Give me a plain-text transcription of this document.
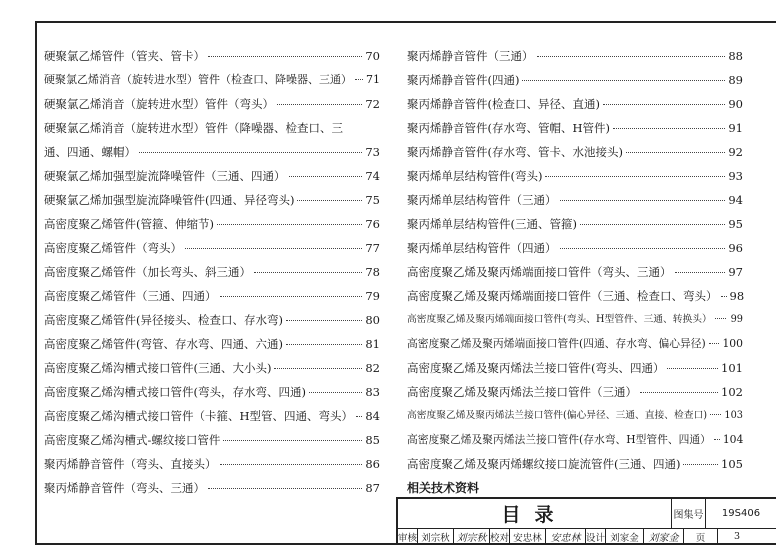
硬聚氯乙烯管件（管夹、管卡）	70
硬聚氯乙烯消音（旋转进水型）管件（检查口、降噪器、三通） 71
硬聚氯乙烯消音（旋转进水型）管件（弯头）	72
硬聚氯乙烯消音（旋转进水型）管件（降噪器、检查口、三
通、四通、螺帽）	73
硬聚氯乙烯加强型旋流降噪管件（三通、四通）	74
硬聚氯乙烯加强型旋流降噪管件(四通、异径弯头)	75
高密度聚乙烯管件(管箍、伸缩节)	76
高密度聚乙烯管件（弯头）	77
高密度聚乙烯管件（加长弯头、斜三通）	78
高密度聚乙烯管件（三通、四通）	79
高密度聚乙烯管件(异径接头、检查口、存水弯)	80
高密度聚乙烯管件(弯管、存水弯、四通、六通)	81
高密度聚乙烯沟槽式接口管件(三通、大小头)	82
高密度聚乙烯沟槽式接口管件(弯头，存水弯、四通)	83
高密度聚乙烯沟槽式接口管件（卡箍、H型管、四通、弯头） 84
高密度聚乙烯沟槽式-螺纹接口管件	85
聚丙烯静音管件（弯头、直接头）	86
聚丙烯静音管件（弯头、三通）	87
聚丙烯静音管件（三通）	88
聚丙烯静音管件(四通)	89
聚丙烯静音管件(检查口、异径、直通)	90
聚丙烯静音管件(存水弯、管帽、H管件)	91
聚丙烯静音管件(存水弯、管卡、水池接头)	92
聚丙烯单层结构管件(弯头)	93
聚丙烯单层结构管件（三通）	94
聚丙烯单层结构管件(三通、管箍)	95
聚丙烯单层结构管件（四通）	96
高密度聚乙烯及聚丙烯端面接口管件（弯头、三通）	97
高密度聚乙烯及聚丙烯端面接口管件（三通、检查口、弯头） 98
高密度聚乙烯及聚丙烯端面接口管件(弯头、H型管件、三通、转换头） 99
高密度聚乙烯及聚丙烯端面接口管件(四通、存水弯、偏心异径) 100
高密度聚乙烯及聚丙烯法兰接口管件(弯头、四通）	101
高密度聚乙烯及聚丙烯法兰接口管件（三通）	102
高密度聚乙烯及聚丙烯法兰接口管件(偏心异径、三通、直接、检查口) 103
高密度聚乙烯及聚丙烯法兰接口管件(存水弯、H型管件、四通） 104
高密度聚乙烯及聚丙烯螺纹接口旋流管件(三通、四通)	105
相关技术资料
目录	图集号	19S406
审核 刘宗秋 刘宗秋 校对 安忠林 安忠林 设计 刘家金 刘家金	页	3
